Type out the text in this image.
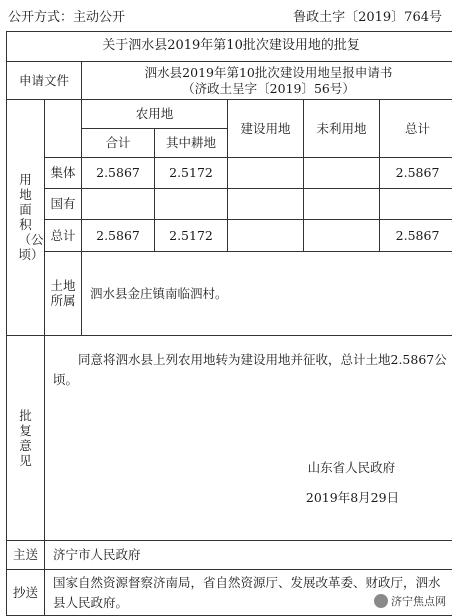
公开方式：主动公开	鲁政土字〔2019〕764号
关于泗水县2019年第10批次建设用地的批复						
申请文件		泗水县2019年第10批次建设用地呈报申请书
（济政土呈字〔2019〕56号）				

用地面积（公顷）		农用地		建设用地	未利用地	总计
		合计	其中耕地			
	集体	2.5867	2.5172			2.5867
	国有					
	总计	2.5867	2.5172			2.5867
	土地所属	泗水县金庄镇南临泗村。				
批复意见	同意将泗水县上列农用地转为建设用地并征收，总计土地2.5867公顷。
山东省人民政府
2019年8月29日					

主送	济宁市人民政府					
抄送	国家自然资源督察济南局，省自然资源厅、发展改革委、财政厅，泗水县人民政府。						济宁焦点网
